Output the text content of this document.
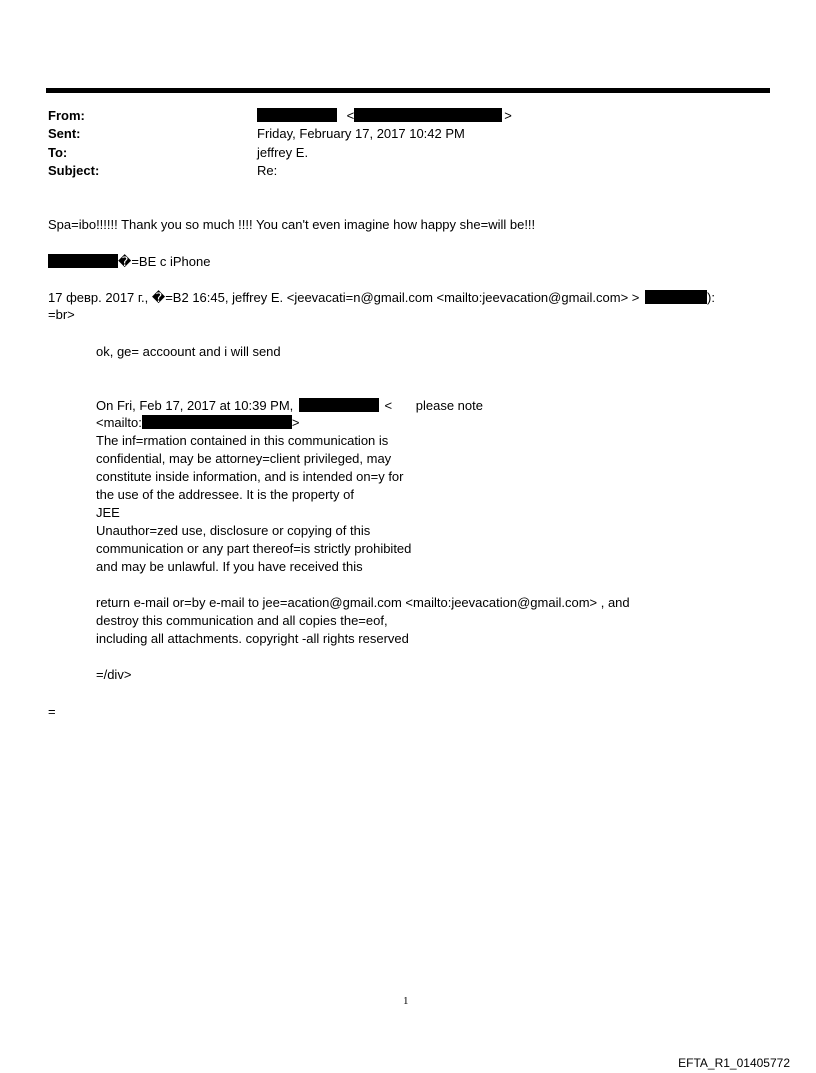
From:	<	>
Sent:	Friday, February 17, 2017 10:42 PM
To:	jeffrey E.
Subject:	Re:
Spa=ibo!!!!!! Thank you so much !!!! You can't even imagine how happy she=will be!!!
�=BE c iPhone
17 февр. 2017 г., �=B2 16:45, jeffrey E. <jeevacati=n@gmail.com <mailto:jeevacation@gmail.com> >	):
=br>
ok, ge= accoount and i will send
On Fri, Feb 17, 2017 at 10:39 PM,	< please note
<mailto:	>
The inf=rmation contained in this communication is
confidential, may be attorney=client privileged, may
constitute inside information, and is intended on=y for
the use of the addressee. It is the property of
JEE
Unauthor=zed use, disclosure or copying of this
communication or any part thereof=is strictly prohibited
and may be unlawful. If you have received this
return e-mail or=by e-mail to jee=acation@gmail.com <mailto:jeevacation@gmail.com> , and
destroy this communication and all copies the=eof,
including all attachments. copyright -all rights reserved
=/div>
=
1
EFTA_R1_01405772
